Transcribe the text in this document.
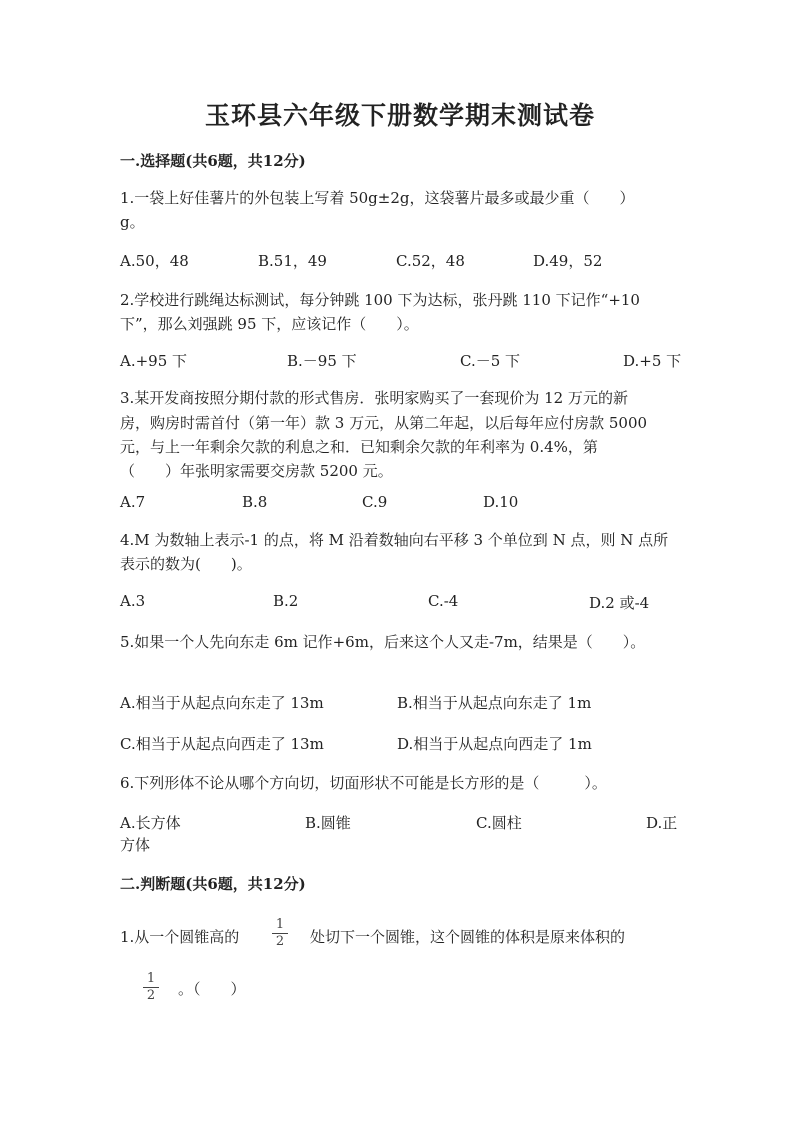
玉环县六年级下册数学期末测试卷
一.选择题(共6题，共12分)
1.一袋上好佳薯片的外包装上写着 50g±2g，这袋薯片最多或最少重（　　）
g。
A.50，48	B.51，49	C.52，48	D.49，52
2.学校进行跳绳达标测试，每分钟跳 100 下为达标，张丹跳 110 下记作“+10
下”，那么刘强跳 95 下，应该记作（　　）。
A.+95 下	B.－95 下	C.－5 下	D.+5 下
3.某开发商按照分期付款的形式售房．张明家购买了一套现价为 12 万元的新
房，购房时需首付（第一年）款 3 万元，从第二年起，以后每年应付房款 5000
元，与上一年剩余欠款的利息之和．已知剩余欠款的年利率为 0.4%，第
（　　）年张明家需要交房款 5200 元。
A.7	B.8	C.9	D.10
4.M 为数轴上表示-1 的点，将 M 沿着数轴向右平移 3 个单位到 N 点，则 N 点所
表示的数为(　　)。
A.3	B.2	C.-4	D.2 或-4
5.如果一个人先向东走 6m 记作+6m，后来这个人又走-7m，结果是（　　）。
A.相当于从起点向东走了 13m	B.相当于从起点向东走了 1m
C.相当于从起点向西走了 13m	D.相当于从起点向西走了 1m
6.下列形体不论从哪个方向切，切面形状不可能是长方形的是（　　　）。
A.长方体	B.圆锥	C.圆柱	D.正
方体
二.判断题(共6题，共12分)
1.从一个圆锥高的
1
2 处切下一个圆锥，这个圆锥的体积是原来体积的
1
2 。（　　）
